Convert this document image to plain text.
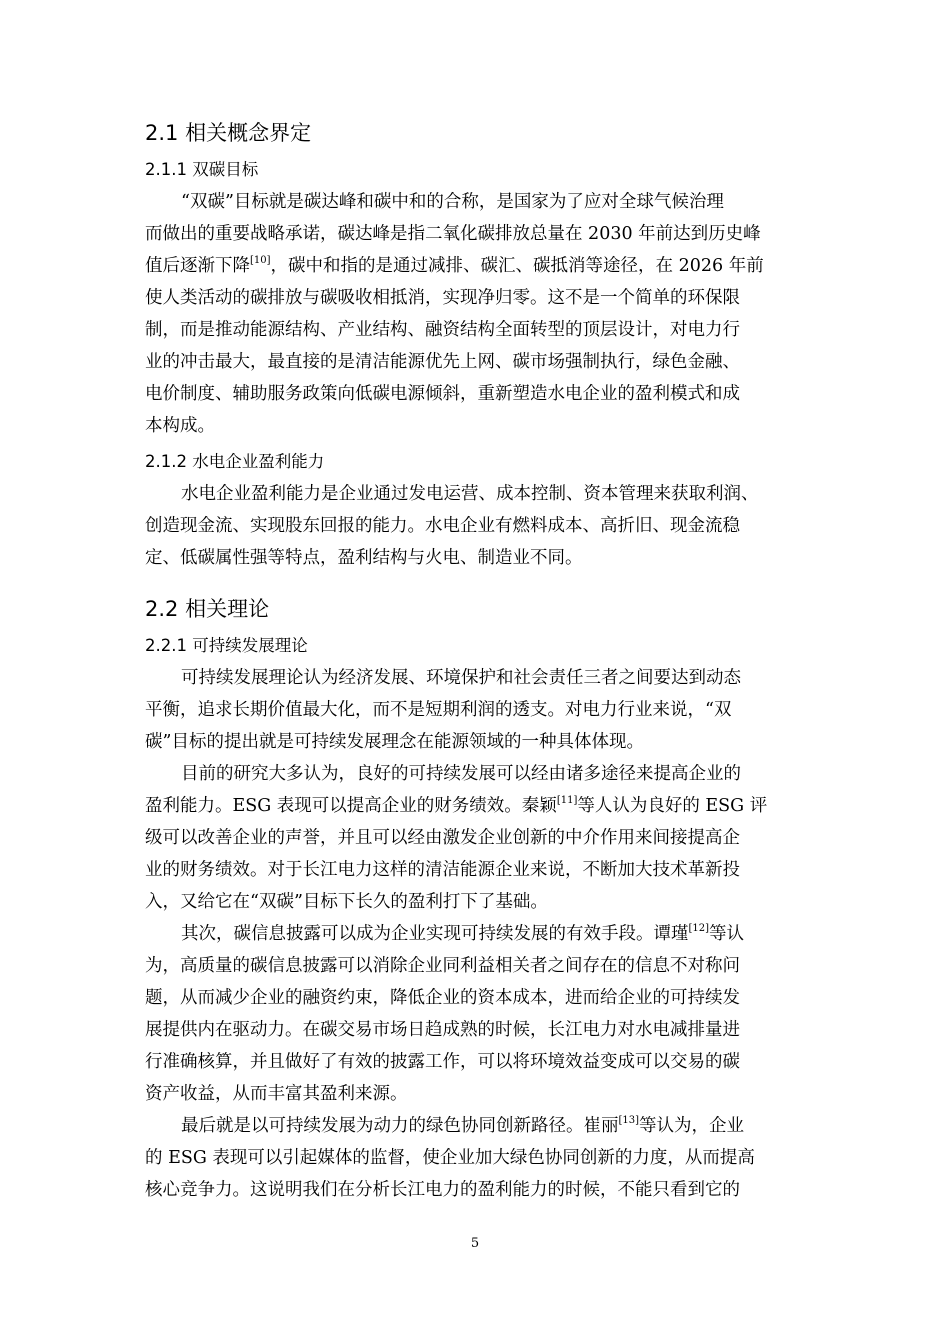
2.1 相关概念界定
2.1.1 双碳目标
“双碳”目标就是碳达峰和碳中和的合称，是国家为了应对全球气候治理
而做出的重要战略承诺，碳达峰是指二氧化碳排放总量在 2030 年前达到历史峰
值后逐渐下降[10]，碳中和指的是通过减排、碳汇、碳抵消等途径，在 2026 年前
使人类活动的碳排放与碳吸收相抵消，实现净归零。这不是一个简单的环保限
制，而是推动能源结构、产业结构、融资结构全面转型的顶层设计，对电力行
业的冲击最大，最直接的是清洁能源优先上网、碳市场强制执行，绿色金融、
电价制度、辅助服务政策向低碳电源倾斜，重新塑造水电企业的盈利模式和成
本构成。
2.1.2 水电企业盈利能力
水电企业盈利能力是企业通过发电运营、成本控制、资本管理来获取利润、
创造现金流、实现股东回报的能力。水电企业有燃料成本、高折旧、现金流稳
定、低碳属性强等特点，盈利结构与火电、制造业不同。
2.2 相关理论
2.2.1 可持续发展理论
可持续发展理论认为经济发展、环境保护和社会责任三者之间要达到动态
平衡，追求长期价值最大化，而不是短期利润的透支。对电力行业来说，“双
碳”目标的提出就是可持续发展理念在能源领域的一种具体体现。
目前的研究大多认为，良好的可持续发展可以经由诸多途径来提高企业的
盈利能力。ESG 表现可以提高企业的财务绩效。秦颖[11]等人认为良好的 ESG 评
级可以改善企业的声誉，并且可以经由激发企业创新的中介作用来间接提高企
业的财务绩效。对于长江电力这样的清洁能源企业来说，不断加大技术革新投
入，又给它在“双碳”目标下长久的盈利打下了基础。
其次，碳信息披露可以成为企业实现可持续发展的有效手段。谭瑾[12]等认
为，高质量的碳信息披露可以消除企业同利益相关者之间存在的信息不对称问
题，从而减少企业的融资约束，降低企业的资本成本，进而给企业的可持续发
展提供内在驱动力。在碳交易市场日趋成熟的时候，长江电力对水电减排量进
行准确核算，并且做好了有效的披露工作，可以将环境效益变成可以交易的碳
资产收益，从而丰富其盈利来源。
最后就是以可持续发展为动力的绿色协同创新路径。崔丽[13]等认为，企业
的 ESG 表现可以引起媒体的监督，使企业加大绿色协同创新的力度，从而提高
核心竞争力。这说明我们在分析长江电力的盈利能力的时候，不能只看到它的
5
